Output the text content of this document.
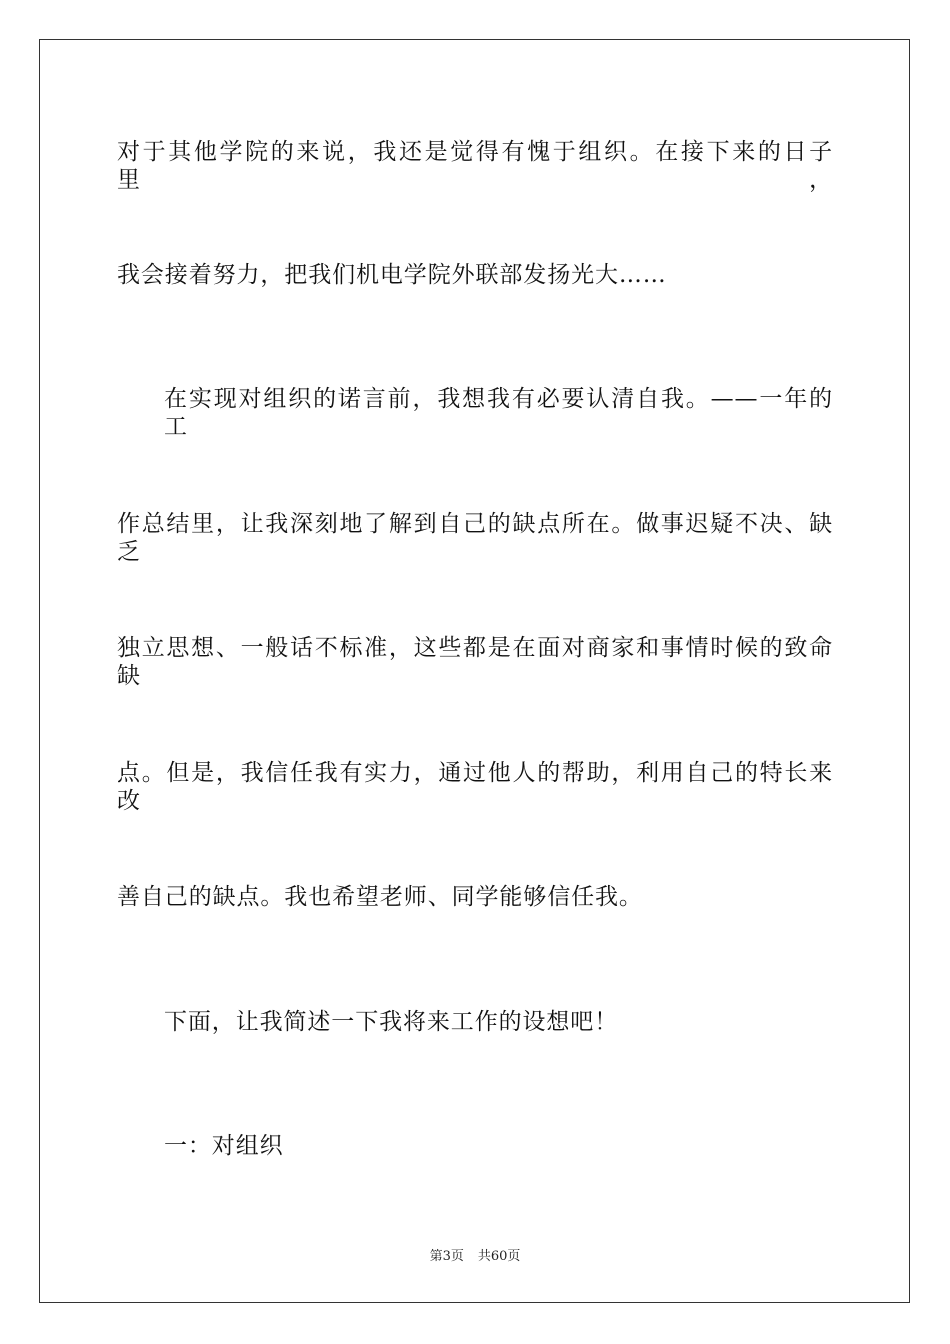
对于其他学院的来说，我还是觉得有愧于组织。在接下来的日子里，
我会接着努力，把我们机电学院外联部发扬光大……
在实现对组织的诺言前，我想我有必要认清自我。——一年的工
作总结里，让我深刻地了解到自己的缺点所在。做事迟疑不决、缺乏
独立思想、一般话不标准，这些都是在面对商家和事情时候的致命缺
点。但是，我信任我有实力，通过他人的帮助，利用自己的特长来改
善自己的缺点。我也希望老师、同学能够信任我。
下面，让我简述一下我将来工作的设想吧！
一：对组织
第3页 共60页
